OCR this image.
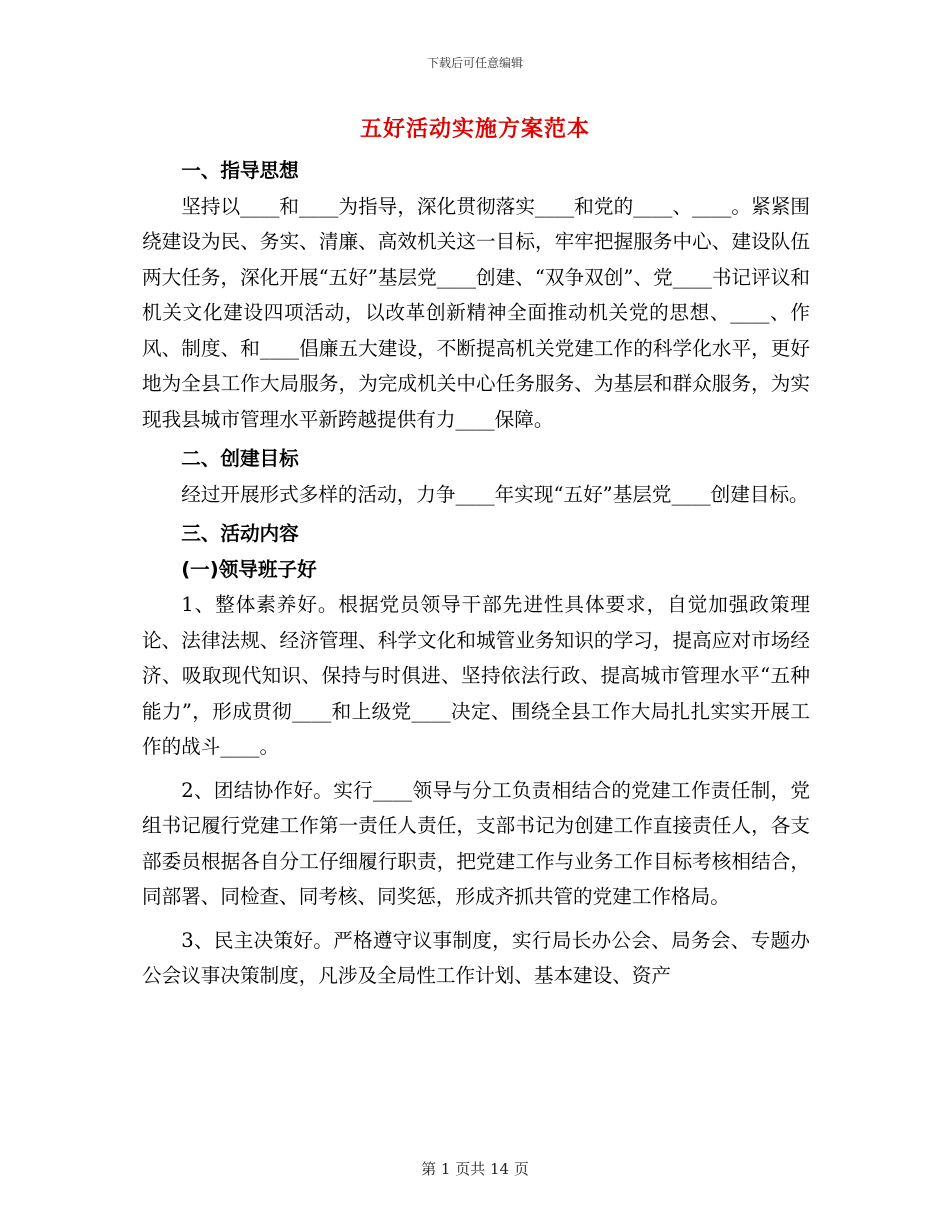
下载后可任意编辑
五好活动实施方案范本

一、指导思想

坚持以____和____为指导，深化贯彻落实____和党的____、____。紧紧围绕建设为民、务实、清廉、高效机关这一目标，牢牢把握服务中心、建设队伍两大任务，深化开展“五好”基层党____创建、“双争双创”、党____书记评议和机关文化建设四项活动，以改革创新精神全面推动机关党的思想、____、作风、制度、和____倡廉五大建设，不断提高机关党建工作的科学化水平，更好地为全县工作大局服务，为完成机关中心任务服务、为基层和群众服务，为实现我县城市管理水平新跨越提供有力____保障。

二、创建目标

经过开展形式多样的活动，力争____年实现“五好”基层党____创建目标。

三、活动内容

(一)领导班子好

1、整体素养好。根据党员领导干部先进性具体要求，自觉加强政策理论、法律法规、经济管理、科学文化和城管业务知识的学习，提高应对市场经济、吸取现代知识、保持与时俱进、坚持依法行政、提高城市管理水平“五种能力”，形成贯彻____和上级党____决定、围绕全县工作大局扎扎实实开展工作的战斗____。

2、团结协作好。实行____领导与分工负责相结合的党建工作责任制，党组书记履行党建工作第一责任人责任，支部书记为创建工作直接责任人，各支部委员根据各自分工仔细履行职责，把党建工作与业务工作目标考核相结合，同部署、同检查、同考核、同奖惩，形成齐抓共管的党建工作格局。

3、民主决策好。严格遵守议事制度，实行局长办公会、局务会、专题办公会议事决策制度，凡涉及全局性工作计划、基本建设、资产

第 1 页共 14 页
